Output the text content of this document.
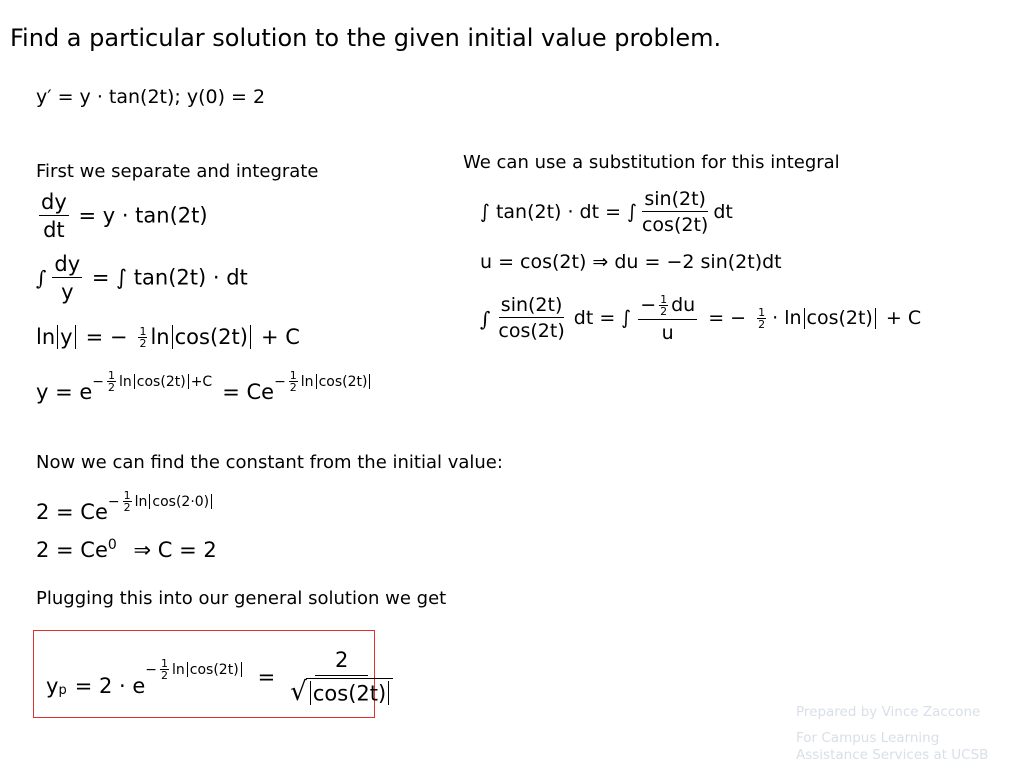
Find a particular solution to the given initial value problem.
y′ = y · tan(2t); y(0) = 2
First we separate and integrate
$\frac{dy}{dt} = y \cdot \tan(2t)$
∫ $\frac{dy}{y}$ = ∫ tan(2t) · dt
ln y = − $\frac{1}{2}$ ln cos(2t) + C
$y = e - \frac{1}{2}$ $\ln \cos(2t) +C = Ce - \frac{1}{2}$ ln cos(2t)
We can use a substitution for this integral
∫ tan(2t) · dt = ∫ $\frac{\sin(2t)}{\cos(2t)}$ dt
u = cos(2t) ⇒ du = −2 sin(2t)dt
∫ $\frac{\sin(2t)}{\cos(2t)}$ dt = ∫ $\frac{- \frac{1}{2} du}{u}$ = − $\frac{1}{2} \cdot \ln \cos(2t) + C$
Now we can find the constant from the initial value:
$2 = Ce - \frac{1}{2}$ ln cos(2·0)
$2 = Ce^0$ ⇒ C = 2
Plugging this into our general solution we get
y p = 2 · e
− $\frac{1}{2}$ $\ln \cos(2t) = \frac{2}{√ \cos(2t)}$
Prepared by Vince Zaccone
For Campus Learning
Assistance Services at UCSB
